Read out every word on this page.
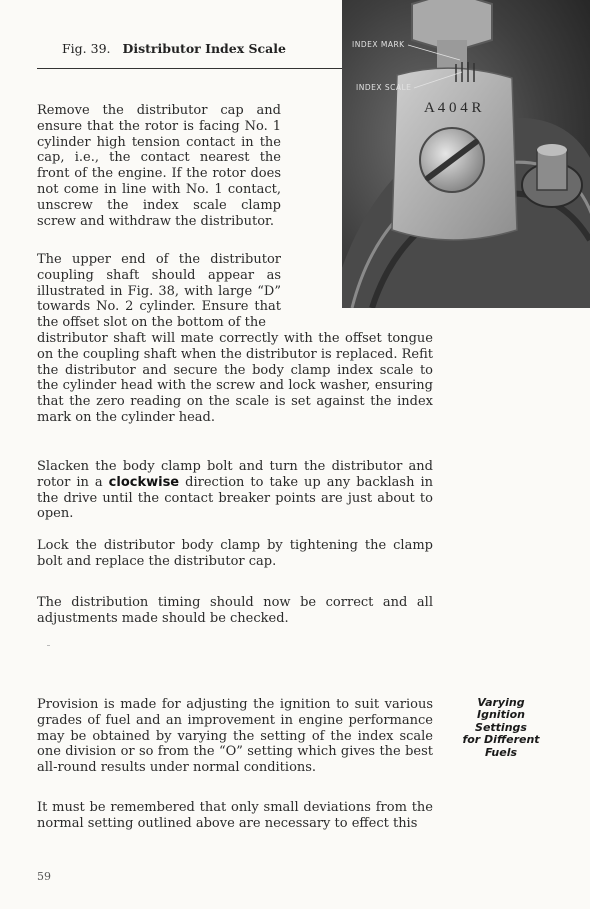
Fig. 39. Distributor Index Scale
A 4 0 4 R
INDEX MARK
INDEX SCALE

Remove the distributor cap and ensure that the rotor is facing No. 1 cylinder high tension contact in the cap, i.e., the contact nearest the front of the engine. If the rotor does not come in line with No. 1 contact, unscrew the index scale clamp screw and withdraw the distributor.

The upper end of the distributor coupling shaft should appear as illustrated in Fig. 38, with large “D” towards No. 2 cylinder. Ensure that the offset slot on the bottom of the
distributor shaft will mate correctly with the offset tongue on the coupling shaft when the distributor is replaced. Refit the distributor and secure the body clamp index scale to the cylinder head with the screw and lock washer, ensuring that the zero reading on the scale is set against the index mark on the cylinder head.

Slacken the body clamp bolt and turn the distributor and rotor in a clockwise direction to take up any backlash in the drive until the contact breaker points are just about to open.

Lock the distributor body clamp by tightening the clamp bolt and replace the distributor cap.

The distribution timing should now be correct and all adjustments made should be checked.

Provision is made for adjusting the ignition to suit various grades of fuel and an improvement in engine performance may be obtained by varying the setting of the index scale one division or so from the “O” setting which gives the best all-round results under normal conditions.

Varying
Ignition
Settings
for Different
Fuels

It must be remembered that only small deviations from the normal setting outlined above are necessary to effect this

59
